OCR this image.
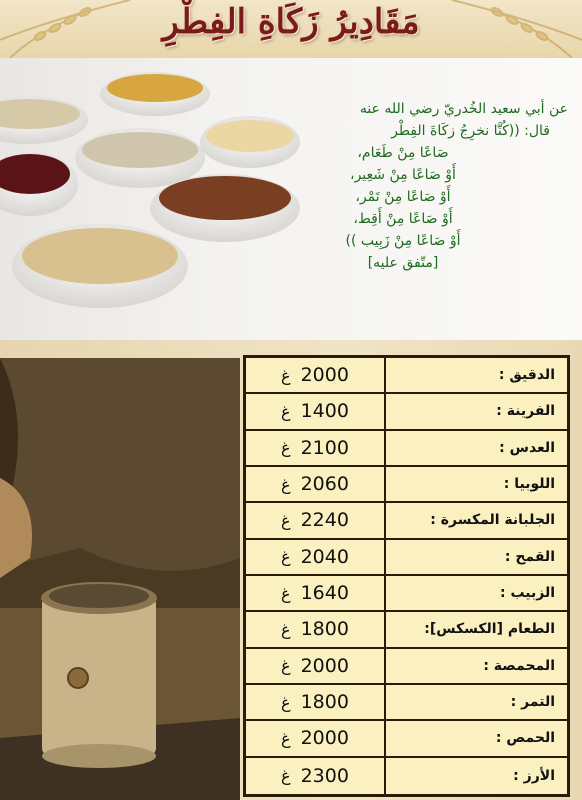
مَقَادِيرُ زَكَاةِ الفِطْرِ
عن أبي سعيد الخُدريّ رضي الله عنه
قال: ((كُنَّا نخرِجُ زكَاةَ الفِطْر
صَاعًا مِنْ طَعَام،
أَوْ صَاعًا مِنْ شَعِير،
أَوْ صَاعًا مِنْ تَمْر،
أَوْ صَاعًا مِنْ أَقِط،
أَوْ صَاعًا مِنْ زَبِيب ))
[متّفق عليه]
غ 2000	الدقيق :
غ 1400	الفرينة :
غ 2100	العدس :
غ 2060	اللوبيا :
غ 2240	الجلبانة المكسرة :
غ 2040	القمح :
غ 1640	الزبيب :
غ 1800	الطعام [الكسكس]:
غ 2000	المحمصة :
غ 1800	التمر :
غ 2000	الحمص :
غ 2300	الأرز :
